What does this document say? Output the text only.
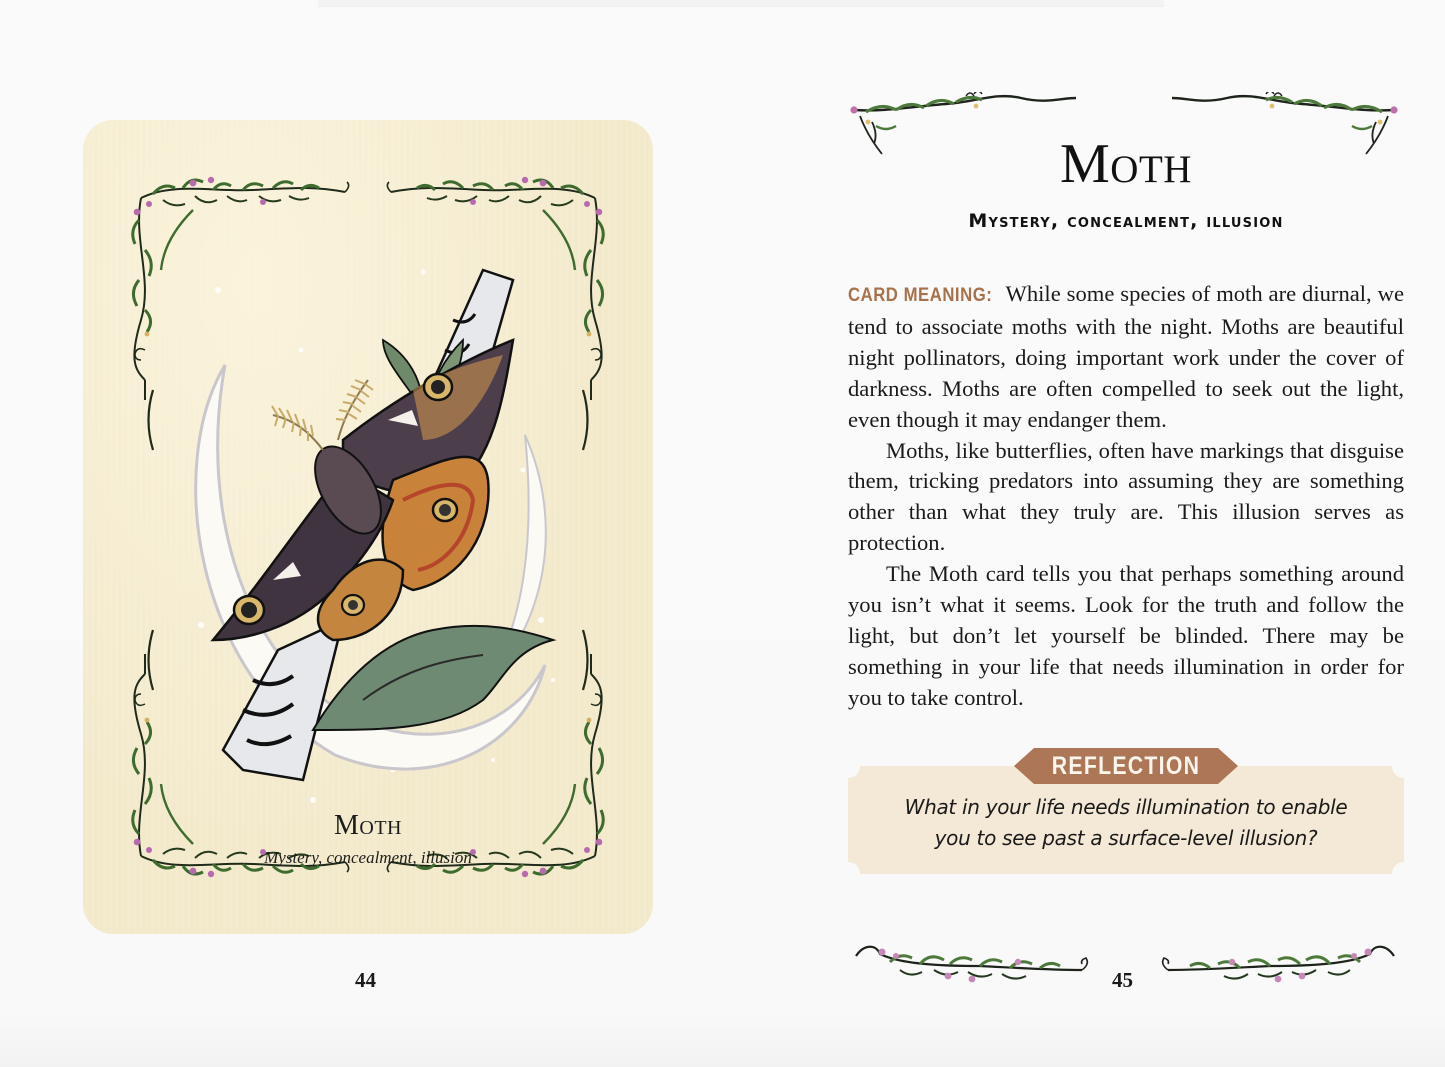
Moth
Mystery, concealment, illusion
44
Moth
Mystery, concealment, illusion

CARD MEANING: While some species of moth are diurnal, we tend to associate moths with the night. Moths are beautiful night pollinators, doing important work under the cover of darkness. Moths are often compelled to seek out the light, even though it may endanger them.

Moths, like butterflies, often have markings that disguise them, tricking predators into assuming they are something other than what they truly are. This illusion serves as protection.

The Moth card tells you that perhaps something around you isn’t what it seems. Look for the truth and follow the light, but don’t let yourself be blinded. There may be something in your life that needs illumination in order for you to take control.

REFLECTION
What in your life needs illumination to enable
you to see past a surface-level illusion?
45
